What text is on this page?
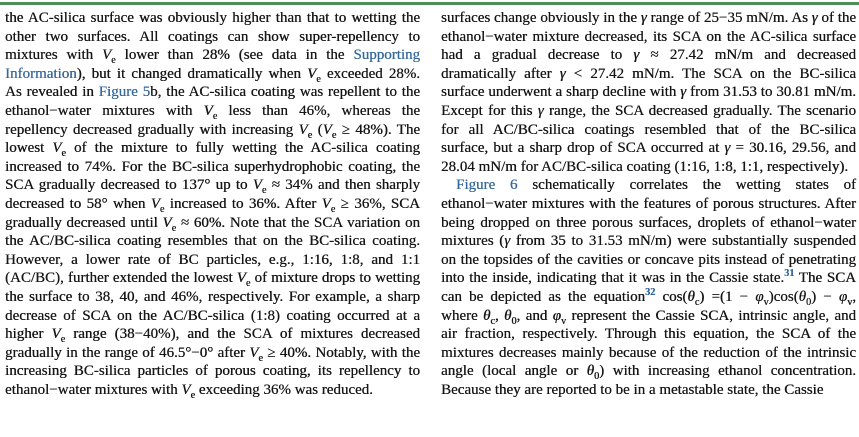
the AC-silica surface was obviously higher than that to wetting the other two surfaces. All coatings can show super-repellency to mixtures with $V_e$ lower than 28% (see data in the Supporting Information), but it changed dramatically when $V_e$ exceeded 28%. As revealed in Figure 5b, the AC-silica coating was repellent to the ethanol−water mixtures with $V_e$ less than 46%, whereas the repellency decreased gradually with increasing $V_e$ $(V_e \ge 48\%)$. The lowest $V_e$ of the mixture to fully wetting the AC-silica coating increased to 74%. For the BC-silica superhydrophobic coating, the SCA gradually decreased to 137° up to $V_e \approx 34\%$ and then sharply decreased to 58° when $V_e$ increased to 36%. After $V_e \ge 36\%$, SCA gradually decreased until $V_e \approx 60\%$. Note that the SCA variation on the AC/BC-silica coating resembles that on the BC-silica coating. However, a lower rate of BC particles, e.g., 1:16, 1:8, and 1:1 (AC/BC), further extended the lowest $V_e$ of mixture drops to wetting the surface to 38, 40, and 46%, respectively. For example, a sharp decrease of SCA on the AC/BC-silica (1:8) coating occurred at a higher $V_e$ range (38−40%), and the SCA of mixtures decreased gradually in the range of 46.5°−0° after $V_e \ge 40\%$. Notably, with the increasing BC-silica particles of porous coating, its repellency to ethanol−water mixtures with $V_e$ exceeding 36% was reduced.

surfaces change obviously in the γ range of 25−35 mN/m. As γ of the ethanol−water mixture decreased, its SCA on the AC-silica surface had a gradual decrease to γ ≈ 27.42 mN/m and decreased dramatically after γ < 27.42 mN/m. The SCA on the BC-silica surface underwent a sharp decline with γ from 31.53 to 30.81 mN/m. Except for this γ range, the SCA decreased gradually. The scenario for all AC/BC-silica coatings resembled that of the BC-silica surface, but a sharp drop of SCA occurred at γ = 30.16, 29.56, and 28.04 mN/m for AC/BC-silica coating (1:16, 1:8, 1:1, respectively).

Figure 6 schematically correlates the wetting states of ethanol−water mixtures with the features of porous structures. After being dropped on three porous surfaces, droplets of ethanol−water mixtures (γ from 35 to 31.53 mN/m) were substantially suspended on the topsides of the cavities or concave pits instead of penetrating into the inside, indicating that it was in the Cassie state.$^{31}$ The SCA can be depicted as the equation$^{32}$ $\cos(\theta_c) =(1 - \varphi_v)\cos(\theta_0) - \varphi_v$, where $\theta_c$, $\theta_0$, and $\varphi_v$ represent the Cassie SCA, intrinsic angle, and air fraction, respectively. Through this equation, the SCA of the mixtures decreases mainly because of the reduction of the intrinsic angle (local angle or $\theta_0$) with increasing ethanol concentration. Because they are reported to be in a metastable state, the Cassie
